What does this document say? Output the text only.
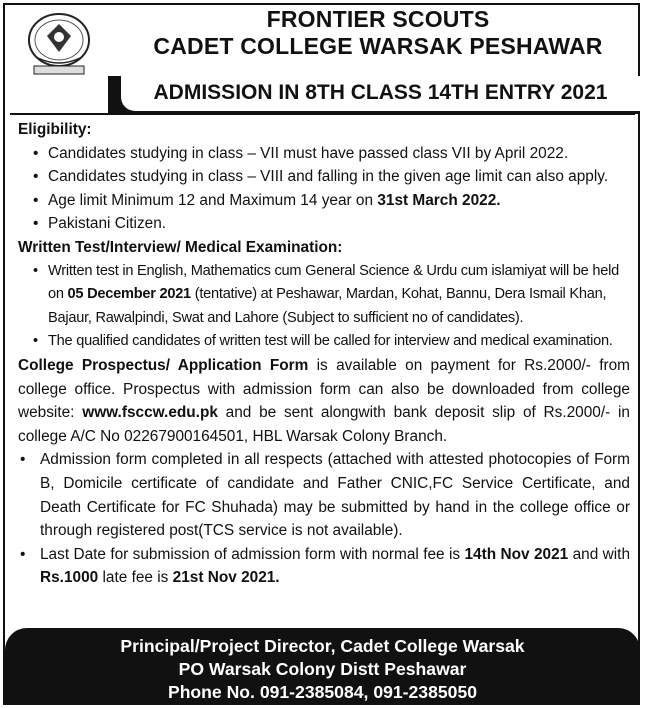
FRONTIER SCOUTS
CADET COLLEGE WARSAK PESHAWAR
ADMISSION IN 8TH CLASS 14TH ENTRY 2021
Eligibility:
• Candidates studying in class – VII must have passed class VII by April 2022.
• Candidates studying in class – VIII and falling in the given age limit can also apply.
• Age limit Minimum 12 and Maximum 14 year on 31st March 2022.
• Pakistani Citizen.
Written Test/Interview/ Medical Examination:
• Written test in English, Mathematics cum General Science & Urdu cum islamiyat will be held
on 05 December 2021 (tentative) at Peshawar, Mardan, Kohat, Bannu, Dera Ismail Khan,
Bajaur, Rawalpindi, Swat and Lahore (Subject to sufficient no of candidates).
• The qualified candidates of written test will be called for interview and medical examination.
College Prospectus/ Application Form is available on payment for Rs.2000/- from college office. Prospectus with admission form can also be downloaded from college website: www.fsccw.edu.pk and be sent alongwith bank deposit slip of Rs.2000/- in college A/C No 02267900164501, HBL Warsak Colony Branch.
• Admission form completed in all respects (attached with attested photocopies of Form B, Domicile certificate of candidate and Father CNIC,FC Service Certificate, and Death Certificate for FC Shuhada) may be submitted by hand in the college office or through registered post(TCS service is not available).
• Last Date for submission of admission form with normal fee is 14th Nov 2021 and with Rs.1000 late fee is 21st Nov 2021.
Principal/Project Director, Cadet College Warsak
PO Warsak Colony Distt Peshawar
Phone No. 091-2385084, 091-2385050
